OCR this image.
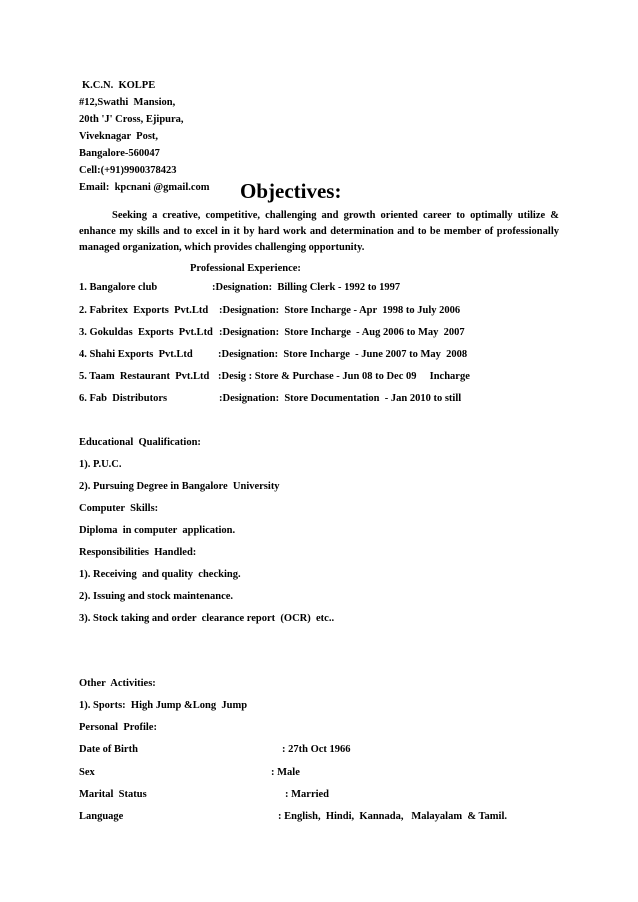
K.C.N.  KOLPE
#12,Swathi  Mansion,
20th 'J' Cross, Ejipura,
Viveknagar  Post,
Bangalore-560047
Cell:(+91)9900378423
Email:  kpcnani @gmail.com Objectives:
Seeking a creative, competitive, challenging and growth oriented career to optimally utilize & enhance my skills and to excel in it by hard work and determination and to be member of professionally managed organization, which provides challenging opportunity.
Professional Experience:
1. Bangalore club	:Designation:  Billing Clerk - 1992 to 1997
2. Fabritex  Exports  Pvt.Ltd :Designation:  Store Incharge - Apr  1998 to July 2006
3. Gokuldas  Exports  Pvt.Ltd :Designation:  Store Incharge  - Aug 2006 to May  2007
4. Shahi Exports  Pvt.Ltd :Designation:  Store Incharge  - June 2007 to May  2008
5. Taam  Restaurant  Pvt.Ltd :Desig : Store & Purchase - Jun 08 to Dec 09     Incharge
6. Fab  Distributors	:Designation:  Store Documentation  - Jan 2010 to still
Educational  Qualification:
1). P.U.C.
2). Pursuing Degree in Bangalore  University
Computer  Skills:
Diploma  in computer  application.
Responsibilities  Handled:
1). Receiving  and quality  checking.
2). Issuing and stock maintenance.
3). Stock taking and order  clearance report  (OCR)  etc..
Other  Activities:
1). Sports:  High Jump &Long  Jump
Personal  Profile:
Date of Birth	: 27th Oct 1966
Sex	: Male
Marital  Status	: Married
Language	: English,  Hindi,  Kannada,   Malayalam  & Tamil.
